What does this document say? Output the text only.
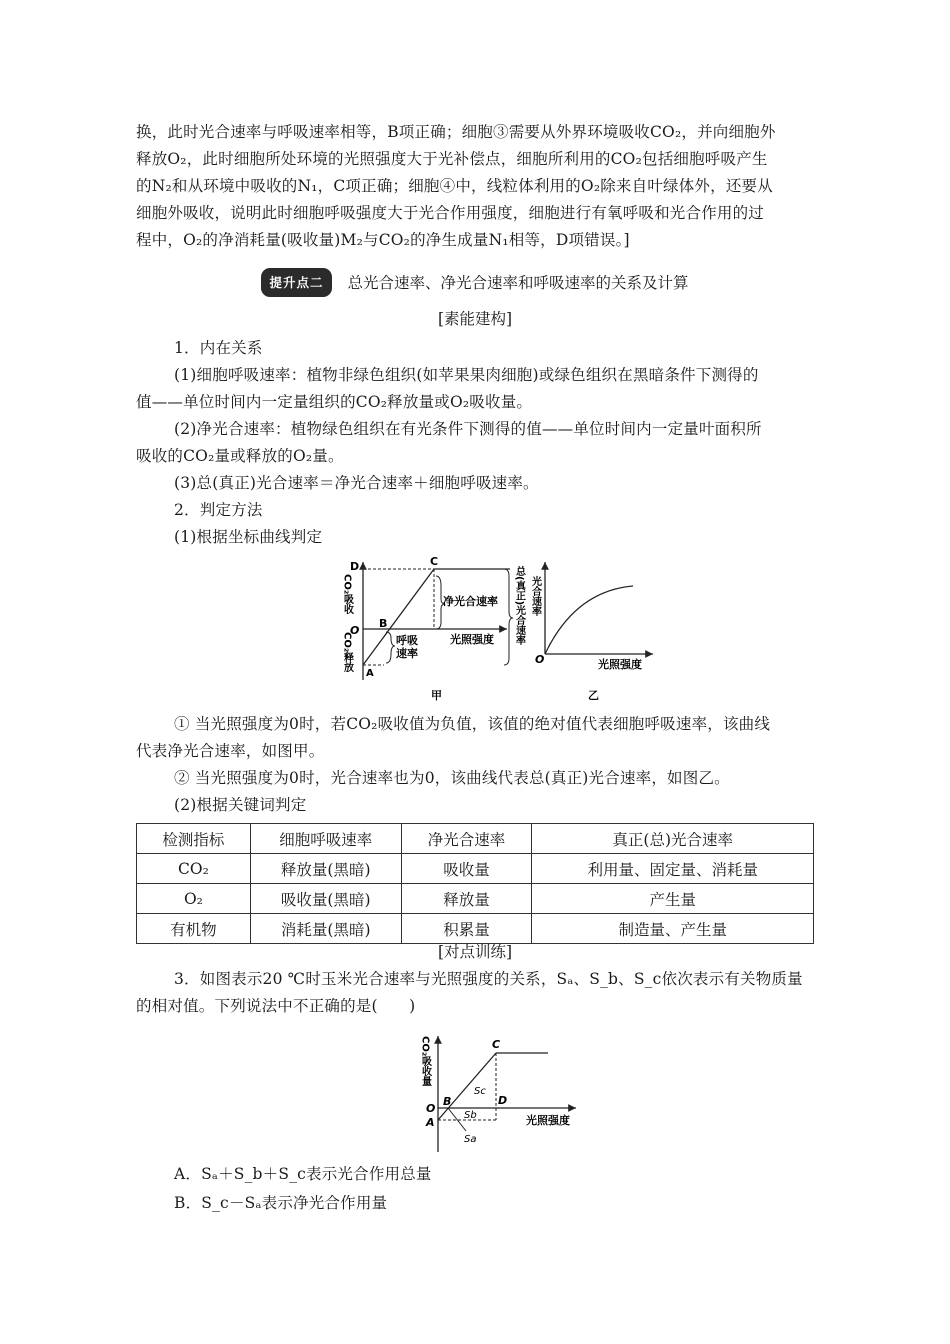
换，此时光合速率与呼吸速率相等，B项正确；细胞③需要从外界环境吸收CO₂，并向细胞外
释放O₂，此时细胞所处环境的光照强度大于光补偿点，细胞所利用的CO₂包括细胞呼吸产生
的N₂和从环境中吸收的N₁，C项正确；细胞④中，线粒体利用的O₂除来自叶绿体外，还要从
细胞外吸收，说明此时细胞呼吸强度大于光合作用强度，细胞进行有氧呼吸和光合作用的过
程中，O₂的净消耗量(吸收量)M₂与CO₂的净生成量N₁相等，D项错误。]
提升点二 总光合速率、净光合速率和呼吸速率的关系及计算
[素能建构]
1．内在关系
(1)细胞呼吸速率：植物非绿色组织(如苹果果肉细胞)或绿色组织在黑暗条件下测得的
值——单位时间内一定量组织的CO₂释放量或O₂吸收量。
(2)净光合速率：植物绿色组织在有光条件下测得的值——单位时间内一定量叶面积所
吸收的CO₂量或释放的O₂量。
(3)总(真正)光合速率＝净光合速率＋细胞呼吸速率。
2．判定方法
(1)根据坐标曲线判定
D	C
B
O
A
净光合速率
呼吸
速率
光照强度
CO₂吸收
CO₂释放
总(真正)光合速率
甲
光合速率
O	光照强度
乙
① 当光照强度为0时，若CO₂吸收值为负值，该值的绝对值代表细胞呼吸速率，该曲线
代表净光合速率，如图甲。
② 当光照强度为0时，光合速率也为0，该曲线代表总(真正)光合速率，如图乙。
(2)根据关键词判定
检测指标	细胞呼吸速率	净光合速率	真正(总)光合速率
CO₂	释放量(黑暗)	吸收量	利用量、固定量、消耗量
O₂	吸收量(黑暗)	释放量	产生量
有机物	消耗量(黑暗)	积累量	制造量、产生量
[对点训练]
3．如图表示20 ℃时玉米光合速率与光照强度的关系，Sₐ、S_b、S_c依次表示有关物质量
的相对值。下列说法中不正确的是(　　)
CO₂吸收量
光照强度
C
D
B
O
A
Sc
Sb
Sa
A．Sₐ＋S_b＋S_c表示光合作用总量
B．S_c－Sₐ表示净光合作用量
